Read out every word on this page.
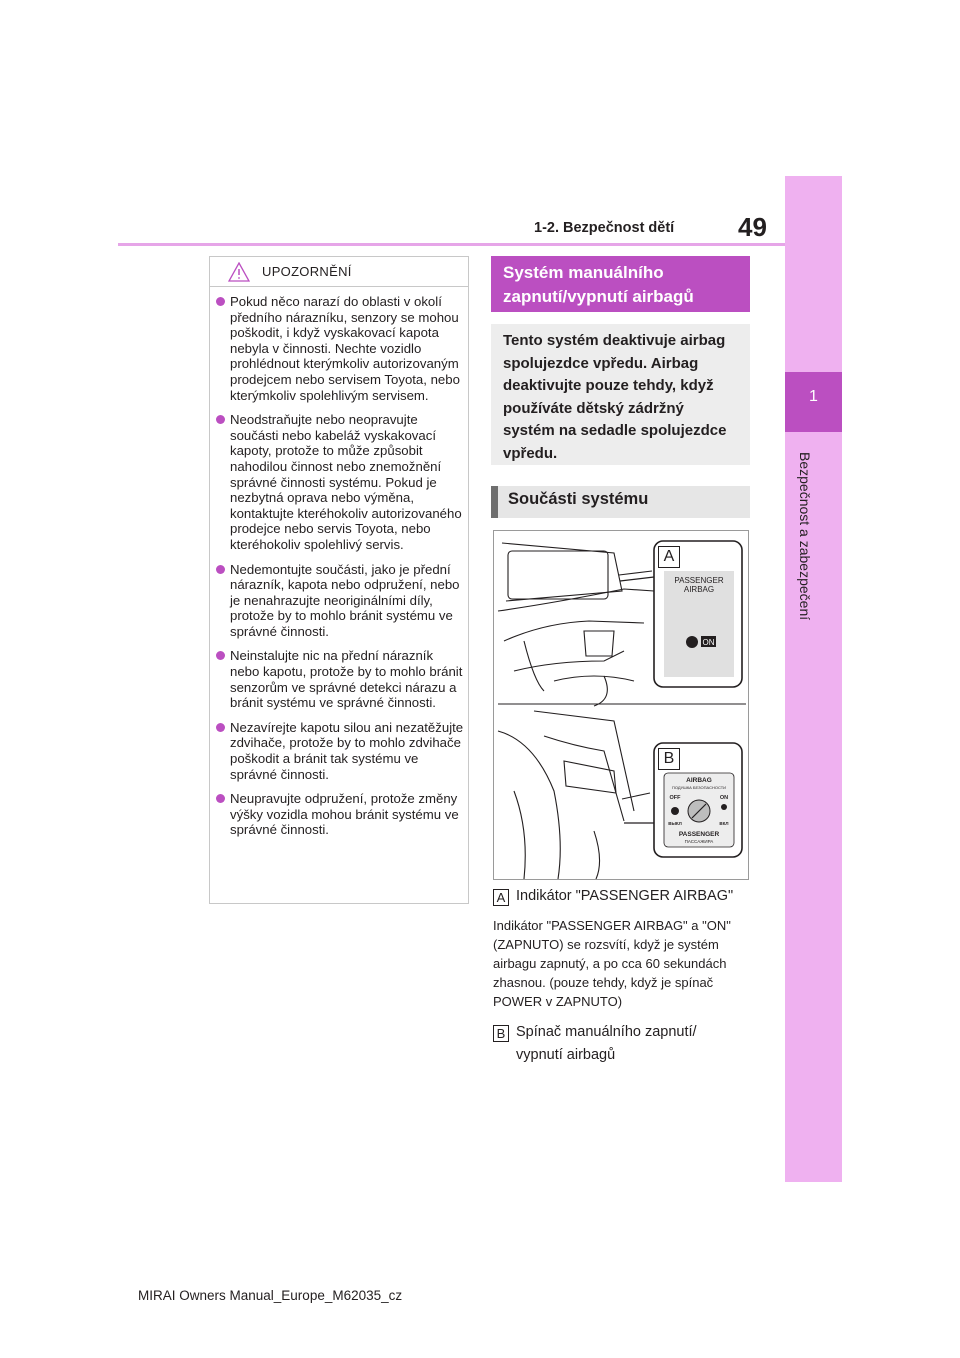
49
1-2. Bezpečnost dětí
1
Bezpečnost a zabezpečení
UPOZORNĚNÍ
Pokud něco narazí do oblasti v okolí předního nárazníku, senzory se mohou poškodit, i když vyskakovací kapota nebyla v činnosti. Nechte vozidlo prohlédnout kterýmkoliv autorizovaným prodejcem nebo servisem Toyota, nebo kterýmkoliv spolehlivým servisem.
Neodstraňujte nebo neopravujte součásti nebo kabeláž vyskakovací kapoty, protože to může způsobit nahodilou činnost nebo znemožnění správné činnosti systému. Pokud je nezbytná oprava nebo výměna, kontaktujte kteréhokoliv autorizovaného prodejce nebo servis Toyota, nebo kteréhokoliv spolehlivý servis.
Nedemontujte součásti, jako je přední nárazník, kapota nebo odpružení, nebo je nenahrazujte neoriginálními díly, protože by to mohlo bránit systému ve správné činnosti.
Neinstalujte nic na přední nárazník nebo kapotu, protože by to mohlo bránit senzorům ve správné detekci nárazu a bránit systému ve správné činnosti.
Nezavírejte kapotu silou ani nezatěžujte zdvihače, protože by to mohlo zdvihače poškodit a bránit tak systému ve správné činnosti.
Neupravujte odpružení, protože změny výšky vozidla mohou bránit systému ve správné činnosti.
Systém manuálního zapnutí/vypnutí airbagů
Tento systém deaktivuje airbag spolujezdce vpředu. Airbag deaktivujte pouze tehdy, když používáte dětský zádržný systém na sedadle spolujezdce vpředu.
Součásti systému
PASSENGER
AIRBAG
ON
AIRBAG
ПОДУШКА БЕЗОПАСНОСТИ
OFF	ON
ВЫКЛ	ВКЛ
PASSENGER
ПАССАЖИРА
A
B
A Indikátor "PASSENGER AIRBAG"
Indikátor "PASSENGER AIRBAG" a "ON" (ZAPNUTO) se rozsvítí, když je systém airbagu zapnutý, a po cca 60 sekundách zhasnou. (pouze tehdy, když je spínač POWER v ZAPNUTO)
B Spínač manuálního zapnutí/
vypnutí airbagů
MIRAI Owners Manual_Europe_M62035_cz
